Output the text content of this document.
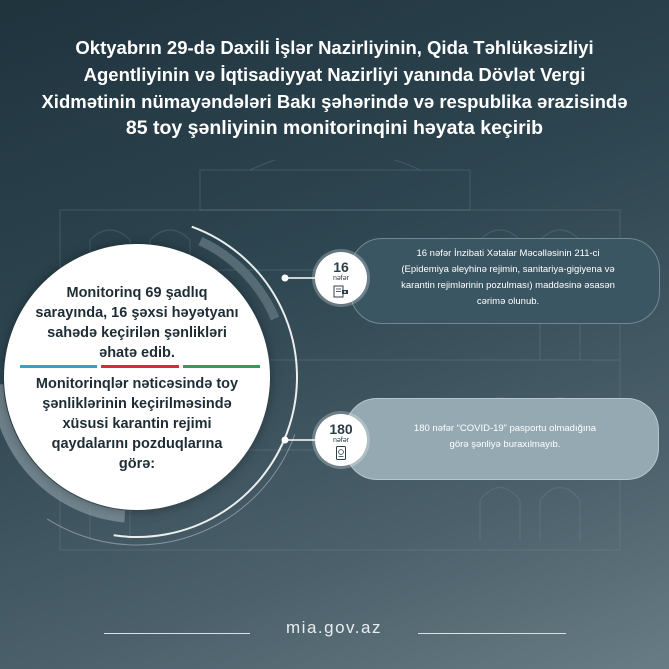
Oktyabrın 29-də Daxili İşlər Nazirliyinin, Qida Təhlükəsizliyi
Agentliyinin və İqtisadiyyat Nazirliyi yanında Dövlət Vergi
Xidmətinin nümayəndələri Bakı şəhərində və respublika ərazisində
85 toy şənliyinin monitorinqini həyata keçirib
Monitorinq 69 şadlıq
sarayında, 16 şəxsi həyətyanı
sahədə keçirilən şənlikləri
əhatə edib.
Monitorinqlər nəticəsində toy
şənliklərinin keçirilməsində
xüsusi karantin rejimi
qaydalarını pozduqlarına
görə:
16 nəfər İnzibati Xətalar Məcəlləsinin 211-ci
(Epidemiya əleyhinə rejimin, sanitariya-gigiyena və
karantin rejimlərinin pozulması) maddəsinə əsasən
cərimə olunub.
16
nəfər
180 nəfər “COVID-19” pasportu olmadığına
görə şənliyə buraxılmayıb.
180
nəfər
mia.gov.az
